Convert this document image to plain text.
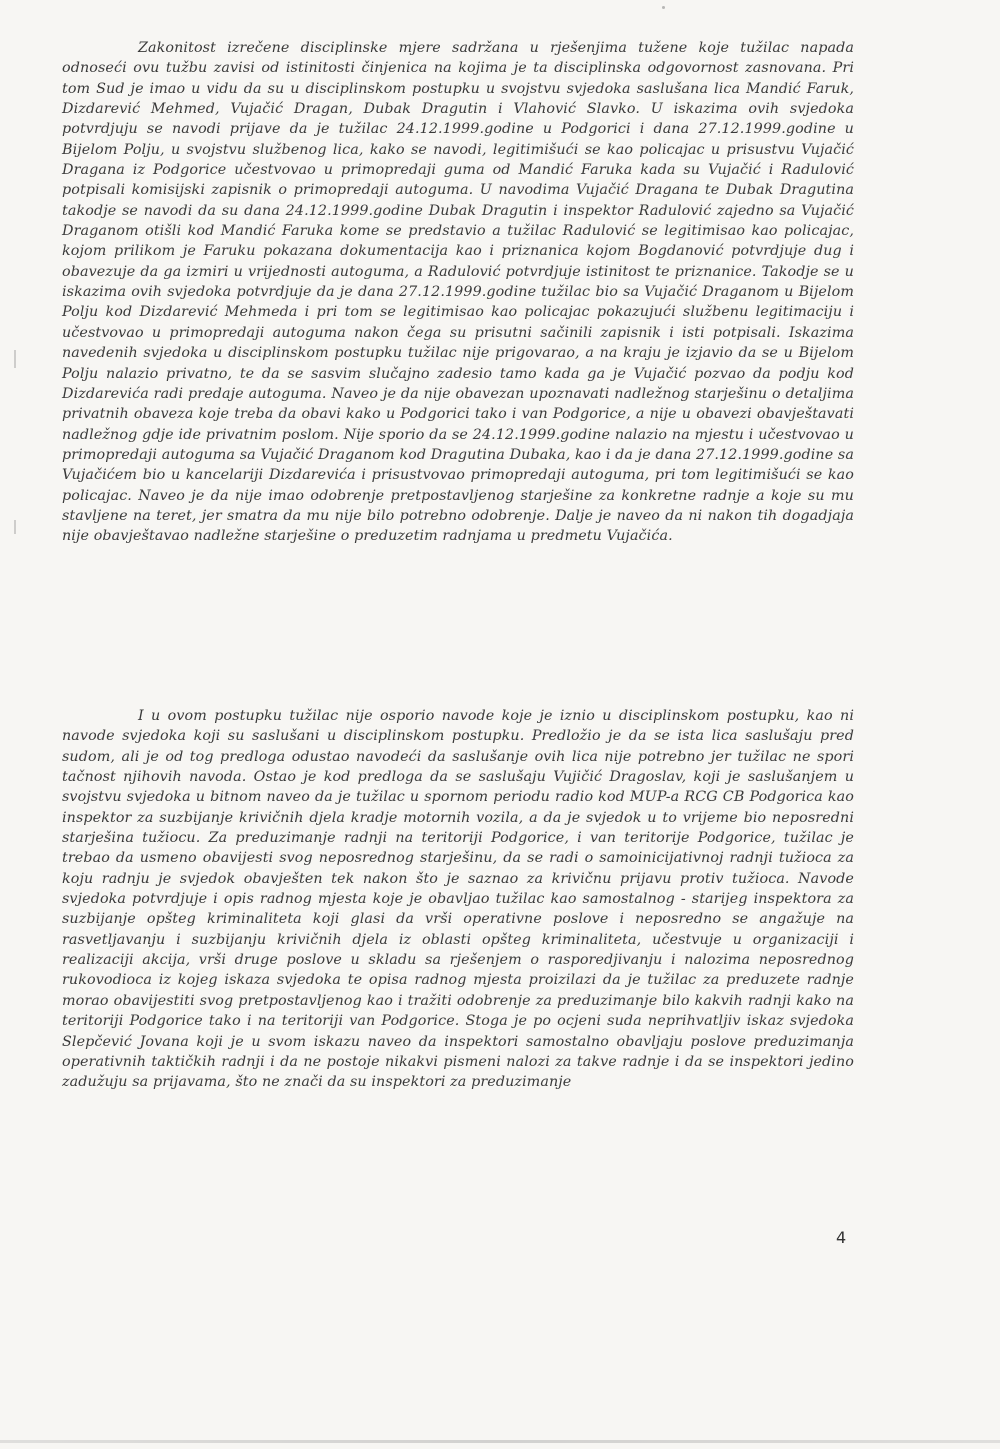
Zakonitost izrečene disciplinske mjere sadržana u rješenjima tužene koje tužilac napada odnoseći ovu tužbu zavisi od istinitosti činjenica na kojima je ta disciplinska odgovornost zasnovana. Pri tom Sud je imao u vidu da su u disciplinskom postupku u svojstvu svjedoka saslušana lica Mandić Faruk, Dizdarević Mehmed, Vujačić Dragan, Dubak Dragutin i Vlahović Slavko. U iskazima ovih svjedoka potvrdjuju se navodi prijave da je tužilac 24.12.1999.godine u Podgorici i dana 27.12.1999.godine u Bijelom Polju, u svojstvu službenog lica, kako se navodi, legitimišući se kao policajac u prisustvu Vujačić Dragana iz Podgorice učestvovao u primopredaji guma od Mandić Faruka kada su Vujačić i Radulović potpisali komisijski zapisnik o primopredaji autoguma. U navodima Vujačić Dragana te Dubak Dragutina takodje se navodi da su dana 24.12.1999.godine Dubak Dragutin i inspektor Radulović zajedno sa Vujačić Draganom otišli kod Mandić Faruka kome se predstavio a tužilac Radulović se legitimisao kao policajac, kojom prilikom je Faruku pokazana dokumentacija kao i priznanica kojom Bogdanović potvrdjuje dug i obavezuje da ga izmiri u vrijednosti autoguma, a Radulović potvrdjuje istinitost te priznanice. Takodje se u iskazima ovih svjedoka potvrdjuje da je dana 27.12.1999.godine tužilac bio sa Vujačić Draganom u Bijelom Polju kod Dizdarević Mehmeda i pri tom se legitimisao kao policajac pokazujući službenu legitimaciju i učestvovao u primopredaji autoguma nakon čega su prisutni sačinili zapisnik i isti potpisali. Iskazima navedenih svjedoka u disciplinskom postupku tužilac nije prigovarao, a na kraju je izjavio da se u Bijelom Polju nalazio privatno, te da se sasvim slučajno zadesio tamo kada ga je Vujačić pozvao da podju kod Dizdarevića radi predaje autoguma. Naveo je da nije obavezan upoznavati nadležnog starješinu o detaljima privatnih obaveza koje treba da obavi kako u Podgorici tako i van Podgorice, a nije u obavezi obavještavati nadležnog gdje ide privatnim poslom. Nije sporio da se 24.12.1999.godine nalazio na mjestu i učestvovao u primopredaji autoguma sa Vujačić Draganom kod Dragutina Dubaka, kao i da je dana 27.12.1999.godine sa Vujačićem bio u kancelariji Dizdarevića i prisustvovao primopredaji autoguma, pri tom legitimišući se kao policajac. Naveo je da nije imao odobrenje pretpostavljenog starješine za konkretne radnje a koje su mu stavljene na teret, jer smatra da mu nije bilo potrebno odobrenje. Dalje je naveo da ni nakon tih dogadjaja nije obavještavao nadležne starješine o preduzetim radnjama u predmetu Vujačića.

I u ovom postupku tužilac nije osporio navode koje je iznio u disciplinskom postupku, kao ni navode svjedoka koji su saslušani u disciplinskom postupku. Predložio je da se ista lica saslušaju pred sudom, ali je od tog predloga odustao navodeći da saslušanje ovih lica nije potrebno jer tužilac ne spori tačnost njihovih navoda. Ostao je kod predloga da se saslušaju Vujičić Dragoslav, koji je saslušanjem u svojstvu svjedoka u bitnom naveo da je tužilac u spornom periodu radio kod MUP-a RCG CB Podgorica kao inspektor za suzbijanje krivičnih djela kradje motornih vozila, a da je svjedok u to vrijeme bio neposredni starješina tužiocu. Za preduzimanje radnji na teritoriji Podgorice, i van teritorije Podgorice, tužilac je trebao da usmeno obavijesti svog neposrednog starješinu, da se radi o samoinicijativnoj radnji tužioca za koju radnju je svjedok obavješten tek nakon što je saznao za krivičnu prijavu protiv tužioca. Navode svjedoka potvrdjuje i opis radnog mjesta koje je obavljao tužilac kao samostalnog - starijeg inspektora za suzbijanje opšteg kriminaliteta koji glasi da vrši operativne poslove i neposredno se angažuje na rasvetljavanju i suzbijanju krivičnih djela iz oblasti opšteg kriminaliteta, učestvuje u organizaciji i realizaciji akcija, vrši druge poslove u skladu sa rješenjem o rasporedjivanju i nalozima neposrednog rukovodioca iz kojeg iskaza svjedoka te opisa radnog mjesta proizilazi da je tužilac za preduzete radnje morao obavijestiti svog pretpostavljenog kao i tražiti odobrenje za preduzimanje bilo kakvih radnji kako na teritoriji Podgorice tako i na teritoriji van Podgorice. Stoga je po ocjeni suda neprihvatljiv iskaz svjedoka Slepčević Jovana koji je u svom iskazu naveo da inspektori samostalno obavljaju poslove preduzimanja operativnih taktičkih radnji i da ne postoje nikakvi pismeni nalozi za takve radnje i da se inspektori jedino zadužuju sa prijavama, što ne znači da su inspektori za preduzimanje

4
